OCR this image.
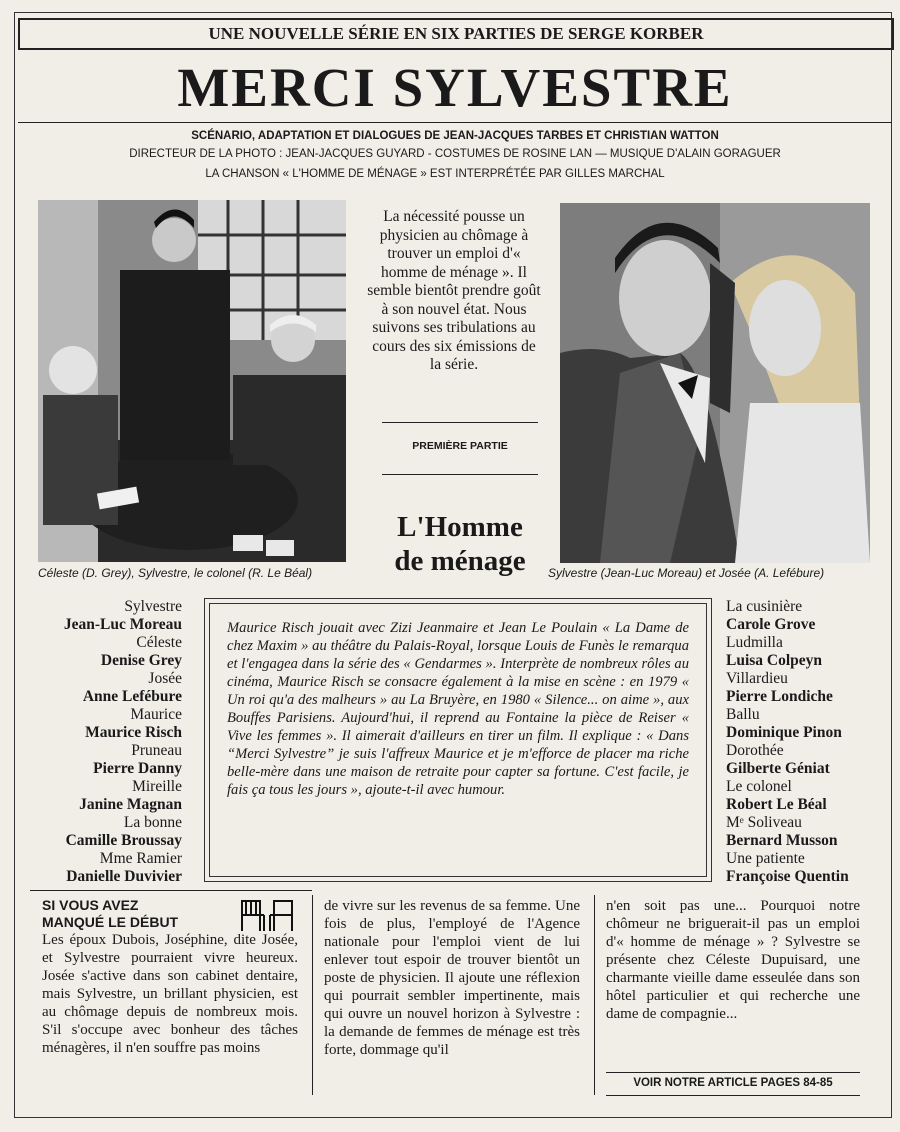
UNE NOUVELLE SÉRIE EN SIX PARTIES DE SERGE KORBER
MERCI SYLVESTRE
SCÉNARIO, ADAPTATION ET DIALOGUES DE JEAN-JACQUES TARBES ET CHRISTIAN WATTON
DIRECTEUR DE LA PHOTO : JEAN-JACQUES GUYARD - COSTUMES DE ROSINE LAN — MUSIQUE D'ALAIN GORAGUER
LA CHANSON « L'HOMME DE MÉNAGE » EST INTERPRÉTÉE PAR GILLES MARCHAL
Céleste (D. Grey), Sylvestre, le colonel (R. Le Béal)
La nécessité pousse un physicien au chômage à trouver un emploi d'« homme de ménage ». Il semble bientôt prendre goût à son nouvel état. Nous suivons ses tribulations au cours des six émissions de la série.
PREMIÈRE PARTIE
L'Homme
de ménage	Sylvestre (Jean-Luc Moreau) et Josée (A. Lefébure)
Sylvestre
Jean-Luc Moreau
Céleste
Denise Grey
Josée
Anne Lefébure
Maurice
Maurice Risch
Pruneau
Pierre Danny
Mireille
Janine Magnan
La bonne
Camille Broussay
Mme Ramier
Danielle Duvivier
Maurice Risch jouait avec Zizi Jeanmaire et Jean Le Poulain « La Dame de chez Maxim » au théâtre du Palais-Royal, lorsque Louis de Funès le remarqua et l'engagea dans la série des « Gendarmes ». Interprète de nombreux rôles au cinéma, Maurice Risch se consacre également à la mise en scène : en 1979 « Un roi qu'a des malheurs » au La Bruyère, en 1980 « Silence... on aime », aux Bouffes Parisiens. Aujourd'hui, il reprend au Fontaine la pièce de Reiser « Vive les femmes ». Il aimerait d'ailleurs en tirer un film. Il explique : « Dans “Merci Sylvestre” je suis l'affreux Maurice et je m'efforce de placer ma riche belle-mère dans une maison de retraite pour capter sa fortune. C'est facile, je fais ça tous les jours », ajoute-t-il avec humour.
La cusinière
Carole Grove
Ludmilla
Luisa Colpeyn
Villardieu
Pierre Londiche
Ballu
Dominique Pinon
Dorothée
Gilberte Géniat
Le colonel
Robert Le Béal
Mᵉ Soliveau
Bernard Musson
Une patiente
Françoise Quentin
SI VOUS AVEZ
MANQUÉ LE DÉBUT
Les époux Dubois, Joséphine, dite Josée, et Sylvestre pourraient vivre heureux. Josée s'active dans son cabinet dentaire, mais Sylvestre, un brillant physicien, est au chômage depuis de nombreux mois. S'il s'occupe avec bonheur des tâches ménagères, il n'en souffre pas moins
de vivre sur les revenus de sa femme. Une fois de plus, l'employé de l'Agence nationale pour l'emploi vient de lui enlever tout espoir de trouver bientôt un poste de physicien. Il ajoute une réflexion qui pourrait sembler impertinente, mais qui ouvre un nouvel horizon à Sylvestre : la demande de femmes de ménage est très forte, dommage qu'il
n'en soit pas une... Pourquoi notre chômeur ne briguerait-il pas un emploi d'« homme de ménage » ? Sylvestre se présente chez Céleste Dupuisard, une charmante vieille dame esseulée dans son hôtel particulier et qui recherche une dame de compagnie...
VOIR NOTRE ARTICLE PAGES 84-85
